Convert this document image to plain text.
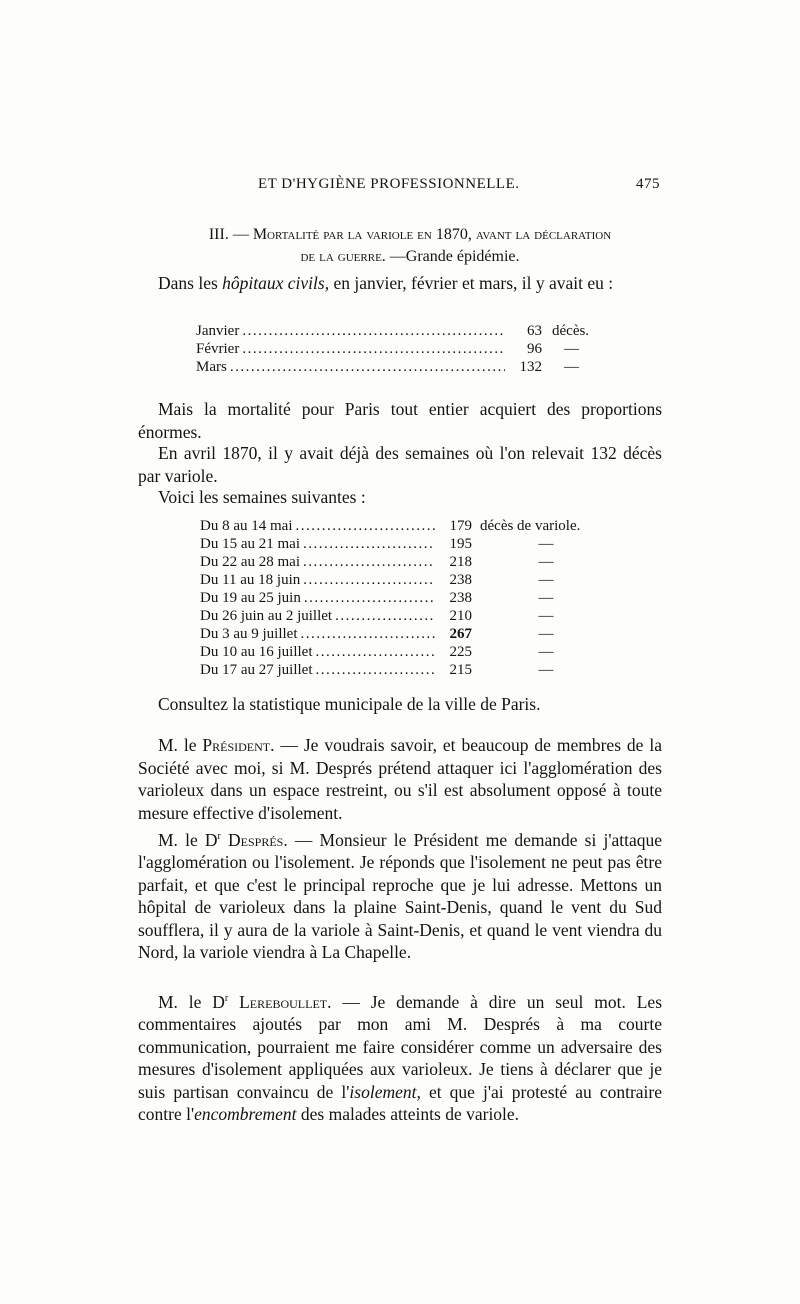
ET D'HYGIÈNE PROFESSIONNELLE.	475
III. — Mortalité par la variole en 1870, avant la déclaration
de la guerre. —Grande épidémie.

Dans les hôpitaux civils, en janvier, février et mars, il y avait eu :

Janvier .....	63 décès.
Février .....	96 —
Mars .....	132 —

Mais la mortalité pour Paris tout entier acquiert des proportions énormes.

En avril 1870, il y avait déjà des semaines où l'on relevait 132 décès par variole.

Voici les semaines suivantes :

Du 8 au 14 mai .....	179 décès de variole.
Du 15 au 21 mai .....	195	—
Du 22 au 28 mai .....	218	—
Du 11 au 18 juin .....	238	—
Du 19 au 25 juin .....	238	—
Du 26 juin au 2 juillet .....	210	—
Du 3 au 9 juillet .....	267	—
Du 10 au 16 juillet .....	225	—
Du 17 au 27 juillet .....	215	—

Consultez la statistique municipale de la ville de Paris.

M. le Président. — Je voudrais savoir, et beaucoup de membres de la Société avec moi, si M. Després prétend attaquer ici l'agglomération des varioleux dans un espace restreint, ou s'il est absolument opposé à toute mesure effective d'isolement.

M. le $D^r$ Després. — Monsieur le Président me demande si j'attaque l'agglomération ou l'isolement. Je réponds que l'isolement ne peut pas être parfait, et que c'est le principal reproche que je lui adresse. Mettons un hôpital de varioleux dans la plaine Saint-Denis, quand le vent du Sud soufflera, il y aura de la variole à Saint-Denis, et quand le vent viendra du Nord, la variole viendra à La Chapelle.

M. le $D^r$ Lereboullet. — Je demande à dire un seul mot. Les commentaires ajoutés par mon ami M. Després à ma courte communication, pourraient me faire considérer comme un adversaire des mesures d'isolement appliquées aux varioleux. Je tiens à déclarer que je suis partisan convaincu de l'isolement, et que j'ai protesté au contraire contre l'encombrement des malades atteints de variole.
